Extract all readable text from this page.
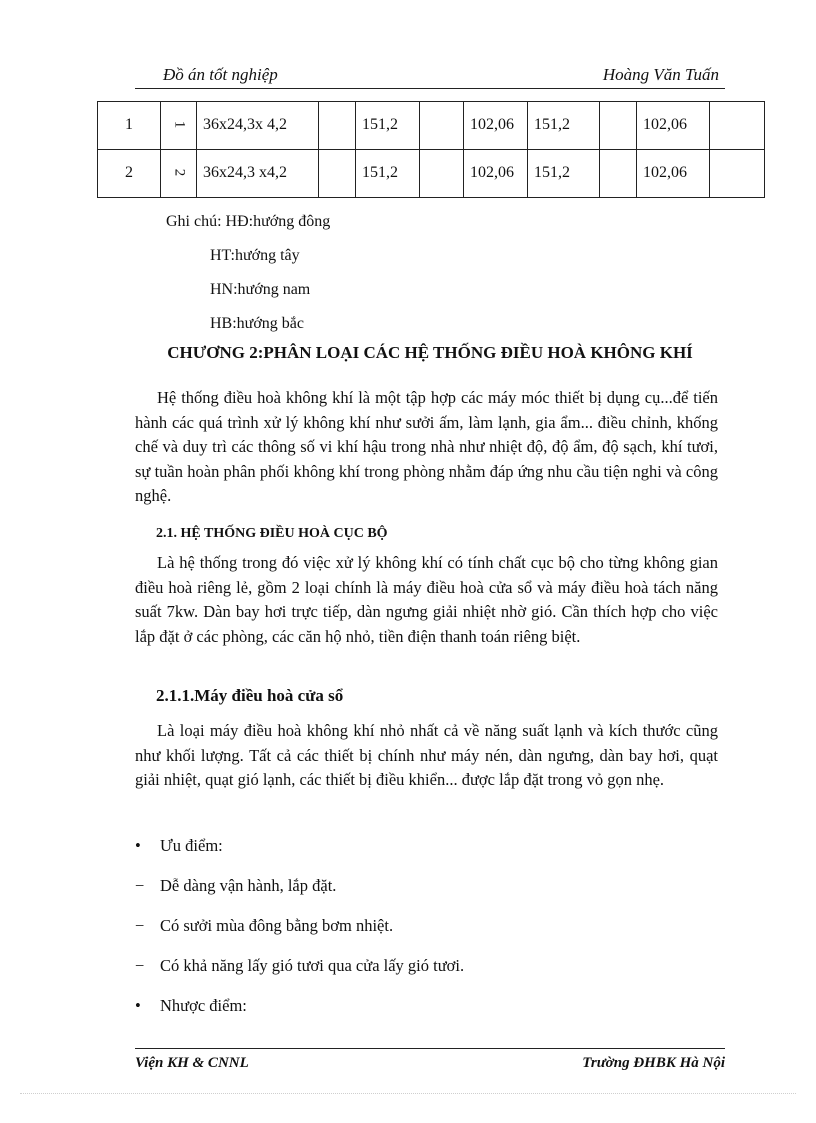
Đồ án tốt nghiệp	Hoàng Văn Tuấn
1	1	36x24,3x 4,2		151,2		102,06	151,2		102,06	
2	2	36x24,3 x4,2		151,2		102,06	151,2		102,06	
Ghi chú: HĐ:hướng đông
HT:hướng tây
HN:hướng nam
HB:hướng bắc
CHƯƠNG 2:PHÂN LOẠI CÁC HỆ THỐNG ĐIỀU HOÀ KHÔNG KHÍ
Hệ thống điều hoà không khí là một tập hợp các máy móc thiết bị dụng cụ...để tiến hành các quá trình xử lý không khí như sưởi ấm, làm lạnh, gia ẩm... điều chỉnh, khống chế và duy trì các thông số vi khí hậu trong nhà như nhiệt độ, độ ẩm, độ sạch, khí tươi, sự tuần hoàn phân phối không khí trong phòng nhằm đáp ứng nhu cầu tiện nghi và công nghệ.
2.1. HỆ THỐNG ĐIỀU HOÀ CỤC BỘ
Là hệ thống trong đó việc xử lý không khí có tính chất cục bộ cho từng không gian điều hoà riêng lẻ, gồm 2 loại chính là máy điều hoà cửa sổ và máy điều hoà tách năng suất 7kw. Dàn bay hơi trực tiếp, dàn ngưng giải nhiệt nhờ gió. Cần thích hợp cho việc lắp đặt ở các phòng, các căn hộ nhỏ, tiền điện thanh toán riêng biệt.
2.1.1.Máy điều hoà cửa sổ
Là loại máy điều hoà không khí nhỏ nhất cả về năng suất lạnh và kích thước cũng như khối lượng. Tất cả các thiết bị chính như máy nén, dàn ngưng, dàn bay hơi, quạt giải nhiệt, quạt gió lạnh, các thiết bị điều khiển... được lắp đặt trong vỏ gọn nhẹ.
•	Ưu điểm:
− Dễ dàng vận hành, lắp đặt.
− Có sưởi mùa đông bằng bơm nhiệt.
− Có khả năng lấy gió tươi qua cửa lấy gió tươi.
•	Nhược điểm:
Viện KH & CNNL	Trường ĐHBK Hà Nội
